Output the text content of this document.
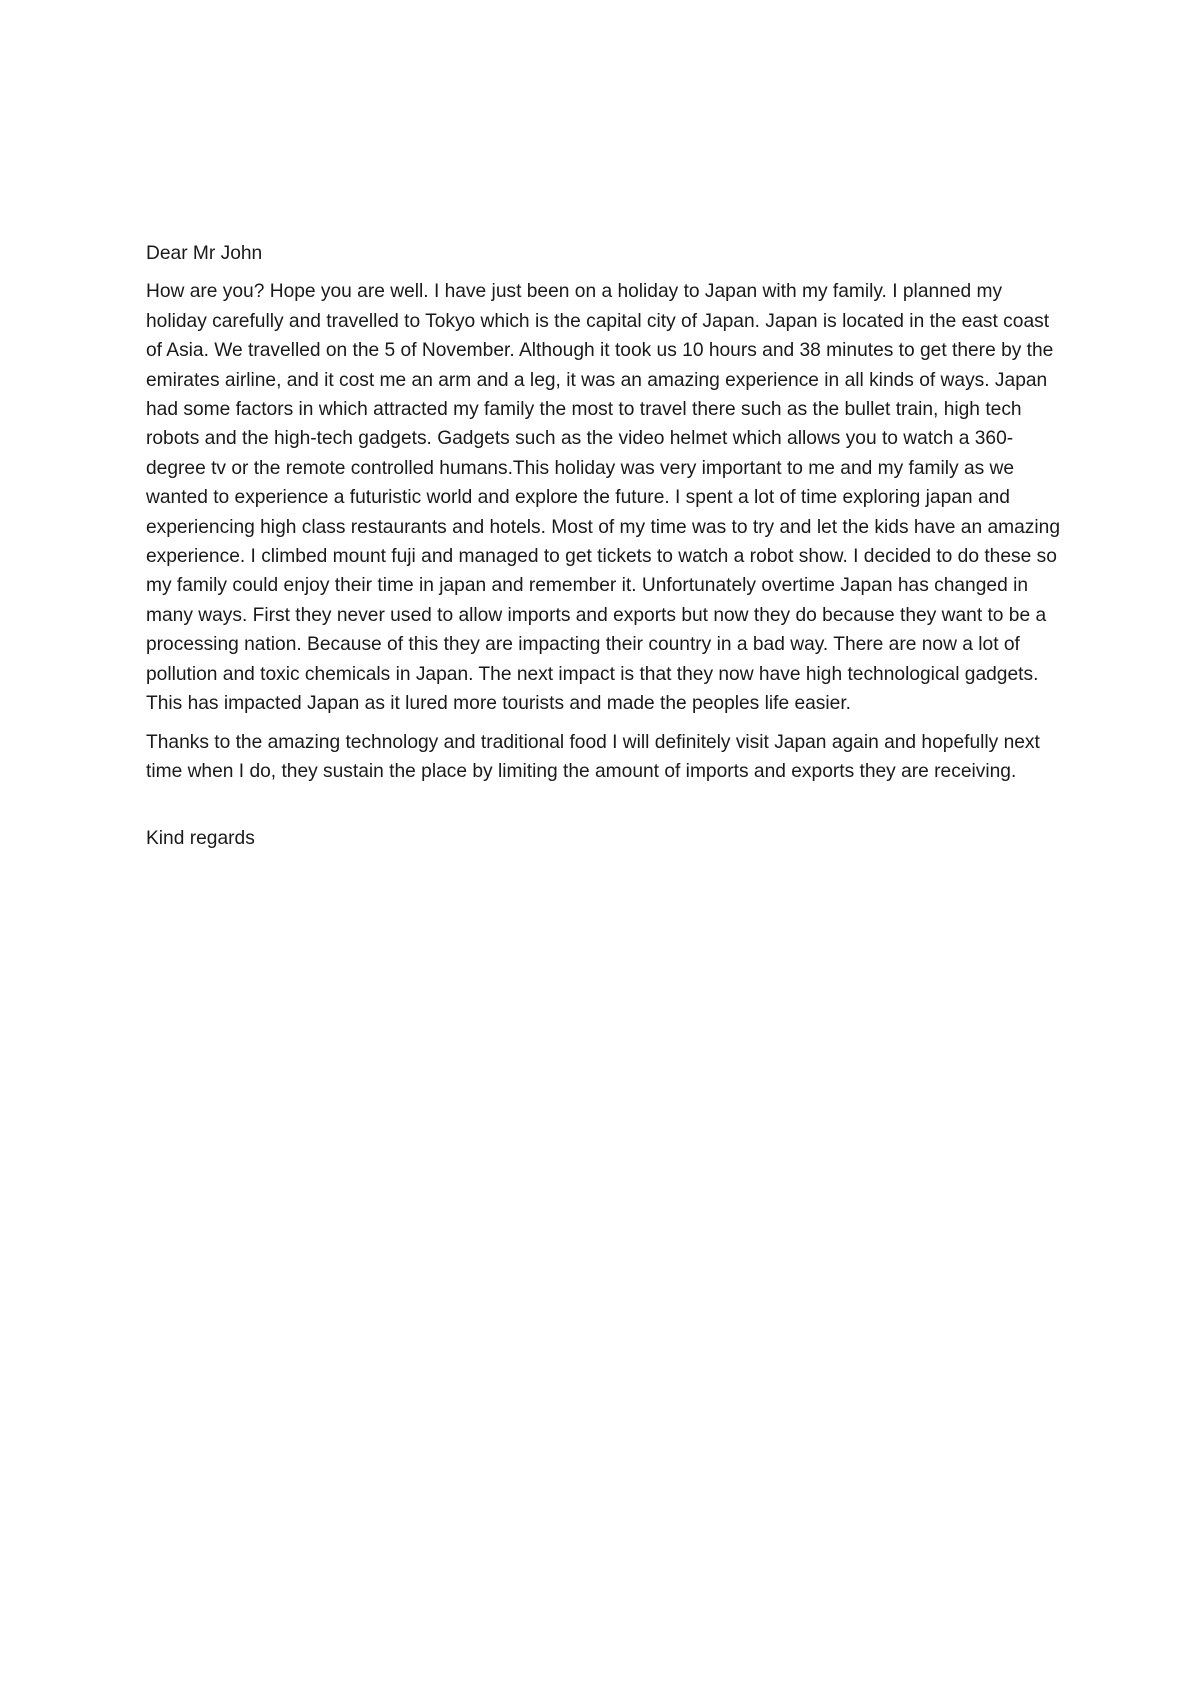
Dear Mr John

How are you? Hope you are well. I have just been on a holiday to Japan with my family. I planned my holiday carefully and travelled to Tokyo which is the capital city of Japan. Japan is located in the east coast of Asia. We travelled on the 5 of November. Although it took us 10 hours and 38 minutes to get there by the emirates airline, and it cost me an arm and a leg, it was an amazing experience in all kinds of ways. Japan had some factors in which attracted my family the most to travel there such as the bullet train, high tech robots and the high-tech gadgets. Gadgets such as the video helmet which allows you to watch a 360-degree tv or the remote controlled humans.This holiday was very important to me and my family as we wanted to experience a futuristic world and explore the future. I spent a lot of time exploring japan and experiencing high class restaurants and hotels. Most of my time was to try and let the kids have an amazing experience. I climbed mount fuji and managed to get tickets to watch a robot show. I decided to do these so my family could enjoy their time in japan and remember it. Unfortunately overtime Japan has changed in many ways. First they never used to allow imports and exports but now they do because they want to be a processing nation. Because of this they are impacting their country in a bad way. There are now a lot of pollution and toxic chemicals in Japan. The next impact is that they now have high technological gadgets. This has impacted Japan as it lured more tourists and made the peoples life easier.

Thanks to the amazing technology and traditional food I will definitely visit Japan again and hopefully next time when I do, they sustain the place by limiting the amount of imports and exports they are receiving.

Kind regards
